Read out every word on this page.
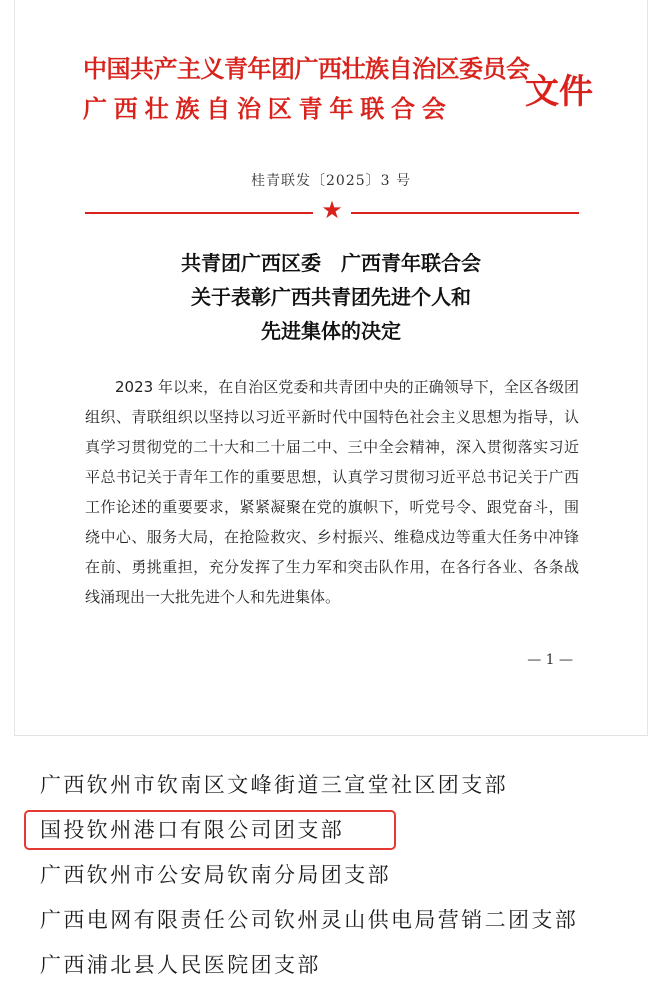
中国共产主义青年团广西壮族自治区委员会
广西壮族自治区青年联合会 文件
桂青联发〔2025〕3 号
★
共青团广西区委　广西青年联合会
关于表彰广西共青团先进个人和
先进集体的决定
2023 年以来，在自治区党委和共青团中央的正确领导下，全区各级团组织、青联组织以坚持以习近平新时代中国特色社会主义思想为指导，认真学习贯彻党的二十大和二十届二中、三中全会精神，深入贯彻落实习近平总书记关于青年工作的重要思想，认真学习贯彻习近平总书记关于广西工作论述的重要要求，紧紧凝聚在党的旗帜下，听党号令、跟党奋斗，围绕中心、服务大局，在抢险救灾、乡村振兴、维稳戍边等重大任务中冲锋在前、勇挑重担，充分发挥了生力军和突击队作用，在各行各业、各条战线涌现出一大批先进个人和先进集体。
— 1 —
广西钦州市钦南区文峰街道三宣堂社区团支部
国投钦州港口有限公司团支部
广西钦州市公安局钦南分局团支部
广西电网有限责任公司钦州灵山供电局营销二团支部
广西浦北县人民医院团支部
